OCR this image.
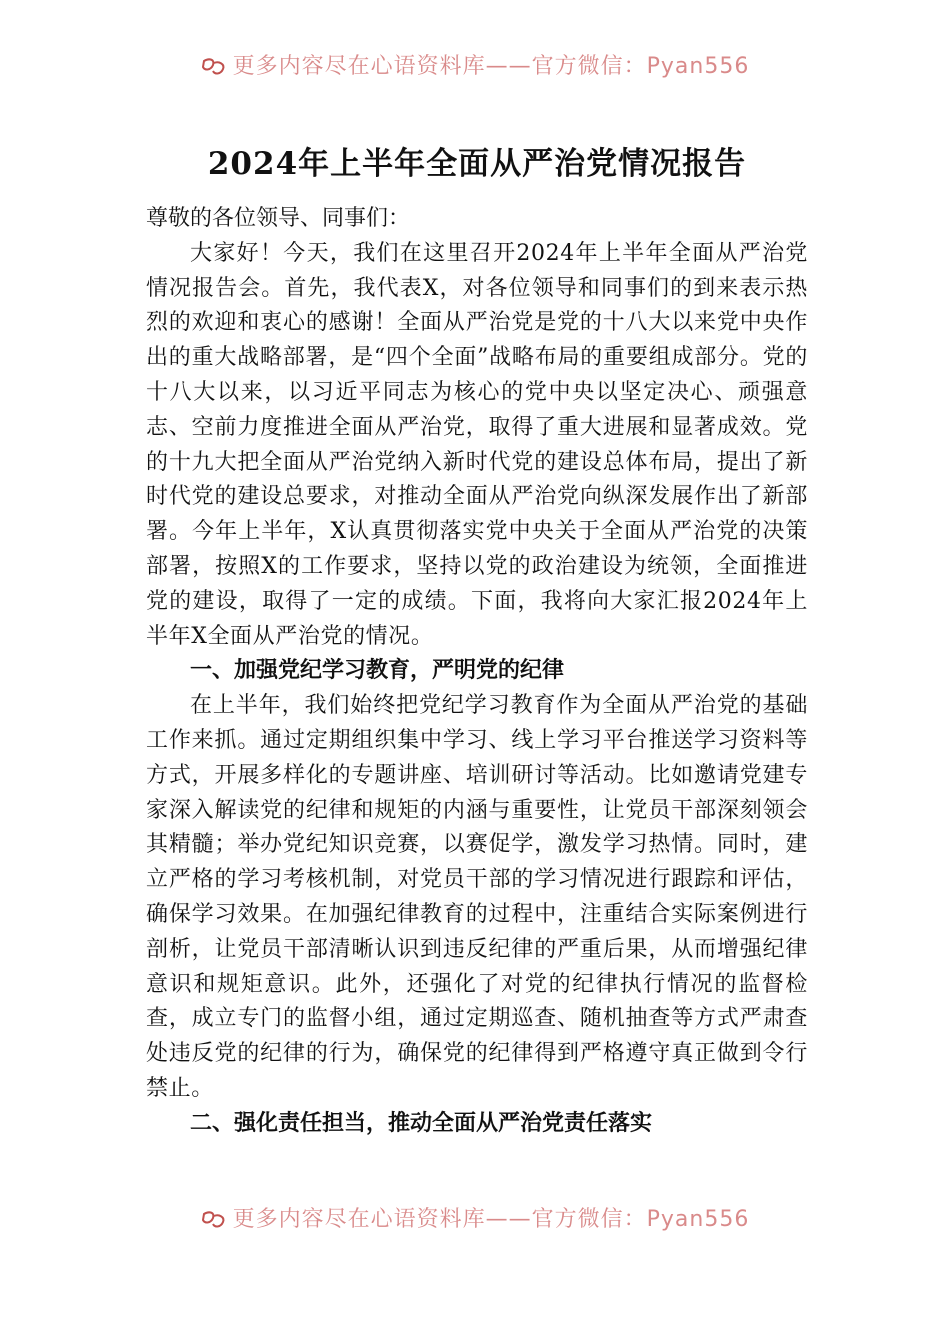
更多内容尽在心语资料库——官方微信：Pyan556
2024年上半年全面从严治党情况报告

尊敬的各位领导、同事们：

大家好！今天，我们在这里召开2024年上半年全面从严治党情况报告会。首先，我代表X，对各位领导和同事们的到来表示热烈的欢迎和衷心的感谢！全面从严治党是党的十八大以来党中央作出的重大战略部署，是“四个全面”战略布局的重要组成部分。党的十八大以来，以习近平同志为核心的党中央以坚定决心、顽强意志、空前力度推进全面从严治党，取得了重大进展和显著成效。党的十九大把全面从严治党纳入新时代党的建设总体布局，提出了新时代党的建设总要求，对推动全面从严治党向纵深发展作出了新部署。今年上半年，X认真贯彻落实党中央关于全面从严治党的决策部署，按照X的工作要求，坚持以党的政治建设为统领，全面推进党的建设，取得了一定的成绩。下面，我将向大家汇报2024年上半年X全面从严治党的情况。

一、加强党纪学习教育，严明党的纪律

在上半年，我们始终把党纪学习教育作为全面从严治党的基础工作来抓。通过定期组织集中学习、线上学习平台推送学习资料等方式，开展多样化的专题讲座、培训研讨等活动。比如邀请党建专家深入解读党的纪律和规矩的内涵与重要性，让党员干部深刻领会其精髓；举办党纪知识竞赛，以赛促学，激发学习热情。同时，建立严格的学习考核机制，对党员干部的学习情况进行跟踪和评估，确保学习效果。在加强纪律教育的过程中，注重结合实际案例进行剖析，让党员干部清晰认识到违反纪律的严重后果，从而增强纪律意识和规矩意识。此外，还强化了对党的纪律执行情况的监督检查，成立专门的监督小组，通过定期巡查、随机抽查等方式严肃查处违反党的纪律的行为，确保党的纪律得到严格遵守真正做到令行禁止。

二、强化责任担当，推动全面从严治党责任落实

更多内容尽在心语资料库——官方微信：Pyan556
